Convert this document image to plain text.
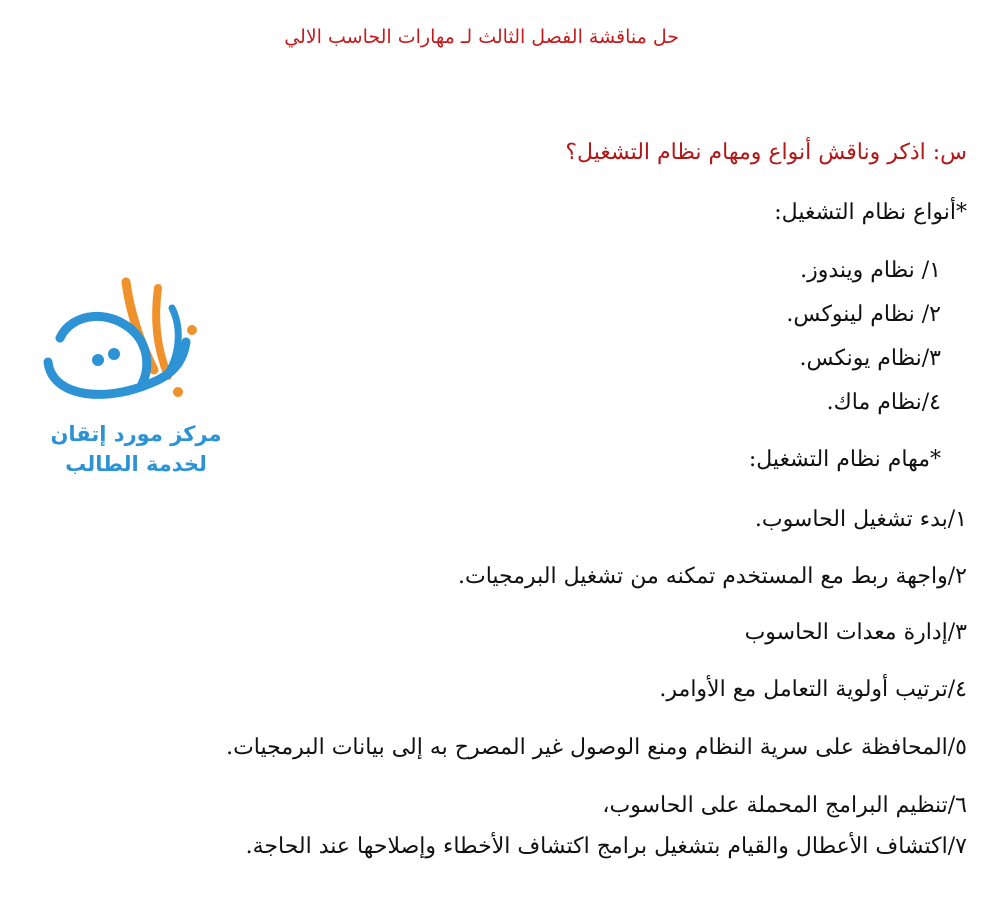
حل مناقشة الفصل الثالث لـ مهارات الحاسب الالي
س: اذكر وناقش أنواع ومهام نظام التشغيل؟
*أنواع نظام التشغيل:
١/ نظام ويندوز.
٢/ نظام لينوكس.
٣/نظام يونكس.
٤/نظام ماك.
*مهام نظام التشغيل:
١/بدء تشغيل الحاسوب.
٢/واجهة ربط مع المستخدم تمكنه من تشغيل البرمجيات.
٣/إدارة معدات الحاسوب
٤/ترتيب أولوية التعامل مع الأوامر.
٥/المحافظة على سرية النظام ومنع الوصول غير المصرح به إلى بيانات البرمجيات.
٦/تنظيم البرامج المحملة على الحاسوب،
٧/اكتشاف الأعطال والقيام بتشغيل برامج اكتشاف الأخطاء وإصلاحها عند الحاجة.
مركز مورد إتقان
لخدمة الطالب
